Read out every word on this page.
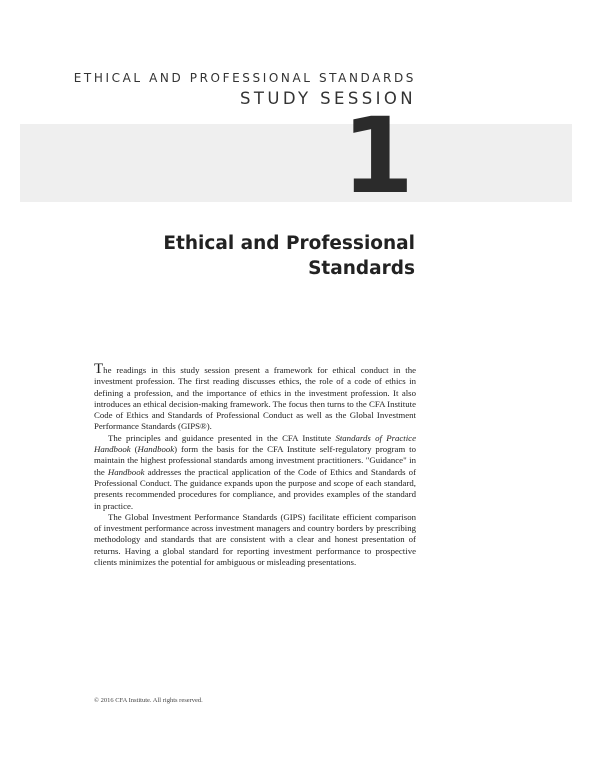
ETHICAL AND PROFESSIONAL STANDARDS
STUDY SESSION
1
Ethical and Professional
Standards

The readings in this study session present a framework for ethical conduct in the investment profession. The first reading discusses ethics, the role of a code of ethics in defining a profession, and the importance of ethics in the investment profession. It also introduces an ethical decision-making framework. The focus then turns to the CFA Institute Code of Ethics and Standards of Professional Conduct as well as the Global Investment Performance Standards (GIPS®).

The principles and guidance presented in the CFA Institute Standards of Practice Handbook (Handbook) form the basis for the CFA Institute self-regulatory program to maintain the highest professional standards among investment practitioners. "Guidance" in the Handbook addresses the practical application of the Code of Ethics and Standards of Professional Conduct. The guidance expands upon the purpose and scope of each standard, presents recommended procedures for compliance, and provides examples of the standard in practice.

The Global Investment Performance Standards (GIPS) facilitate efficient comparison of investment performance across investment managers and country borders by prescribing methodology and standards that are consistent with a clear and honest presentation of returns. Having a global standard for reporting investment performance to prospective clients minimizes the potential for ambiguous or misleading presentations.

© 2016 CFA Institute. All rights reserved.
